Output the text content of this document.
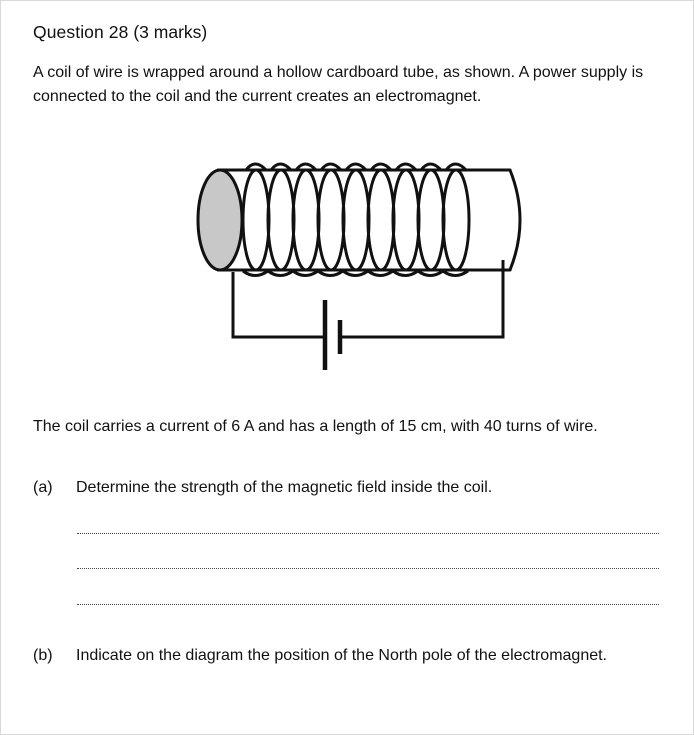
Question 28 (3 marks)
A coil of wire is wrapped around a hollow cardboard tube, as shown. A power supply is connected to the coil and the current creates an electromagnet.
The coil carries a current of 6 A and has a length of 15 cm, with 40 turns of wire.
(a) Determine the strength of the magnetic field inside the coil.
(b) Indicate on the diagram the position of the North pole of the electromagnet.
